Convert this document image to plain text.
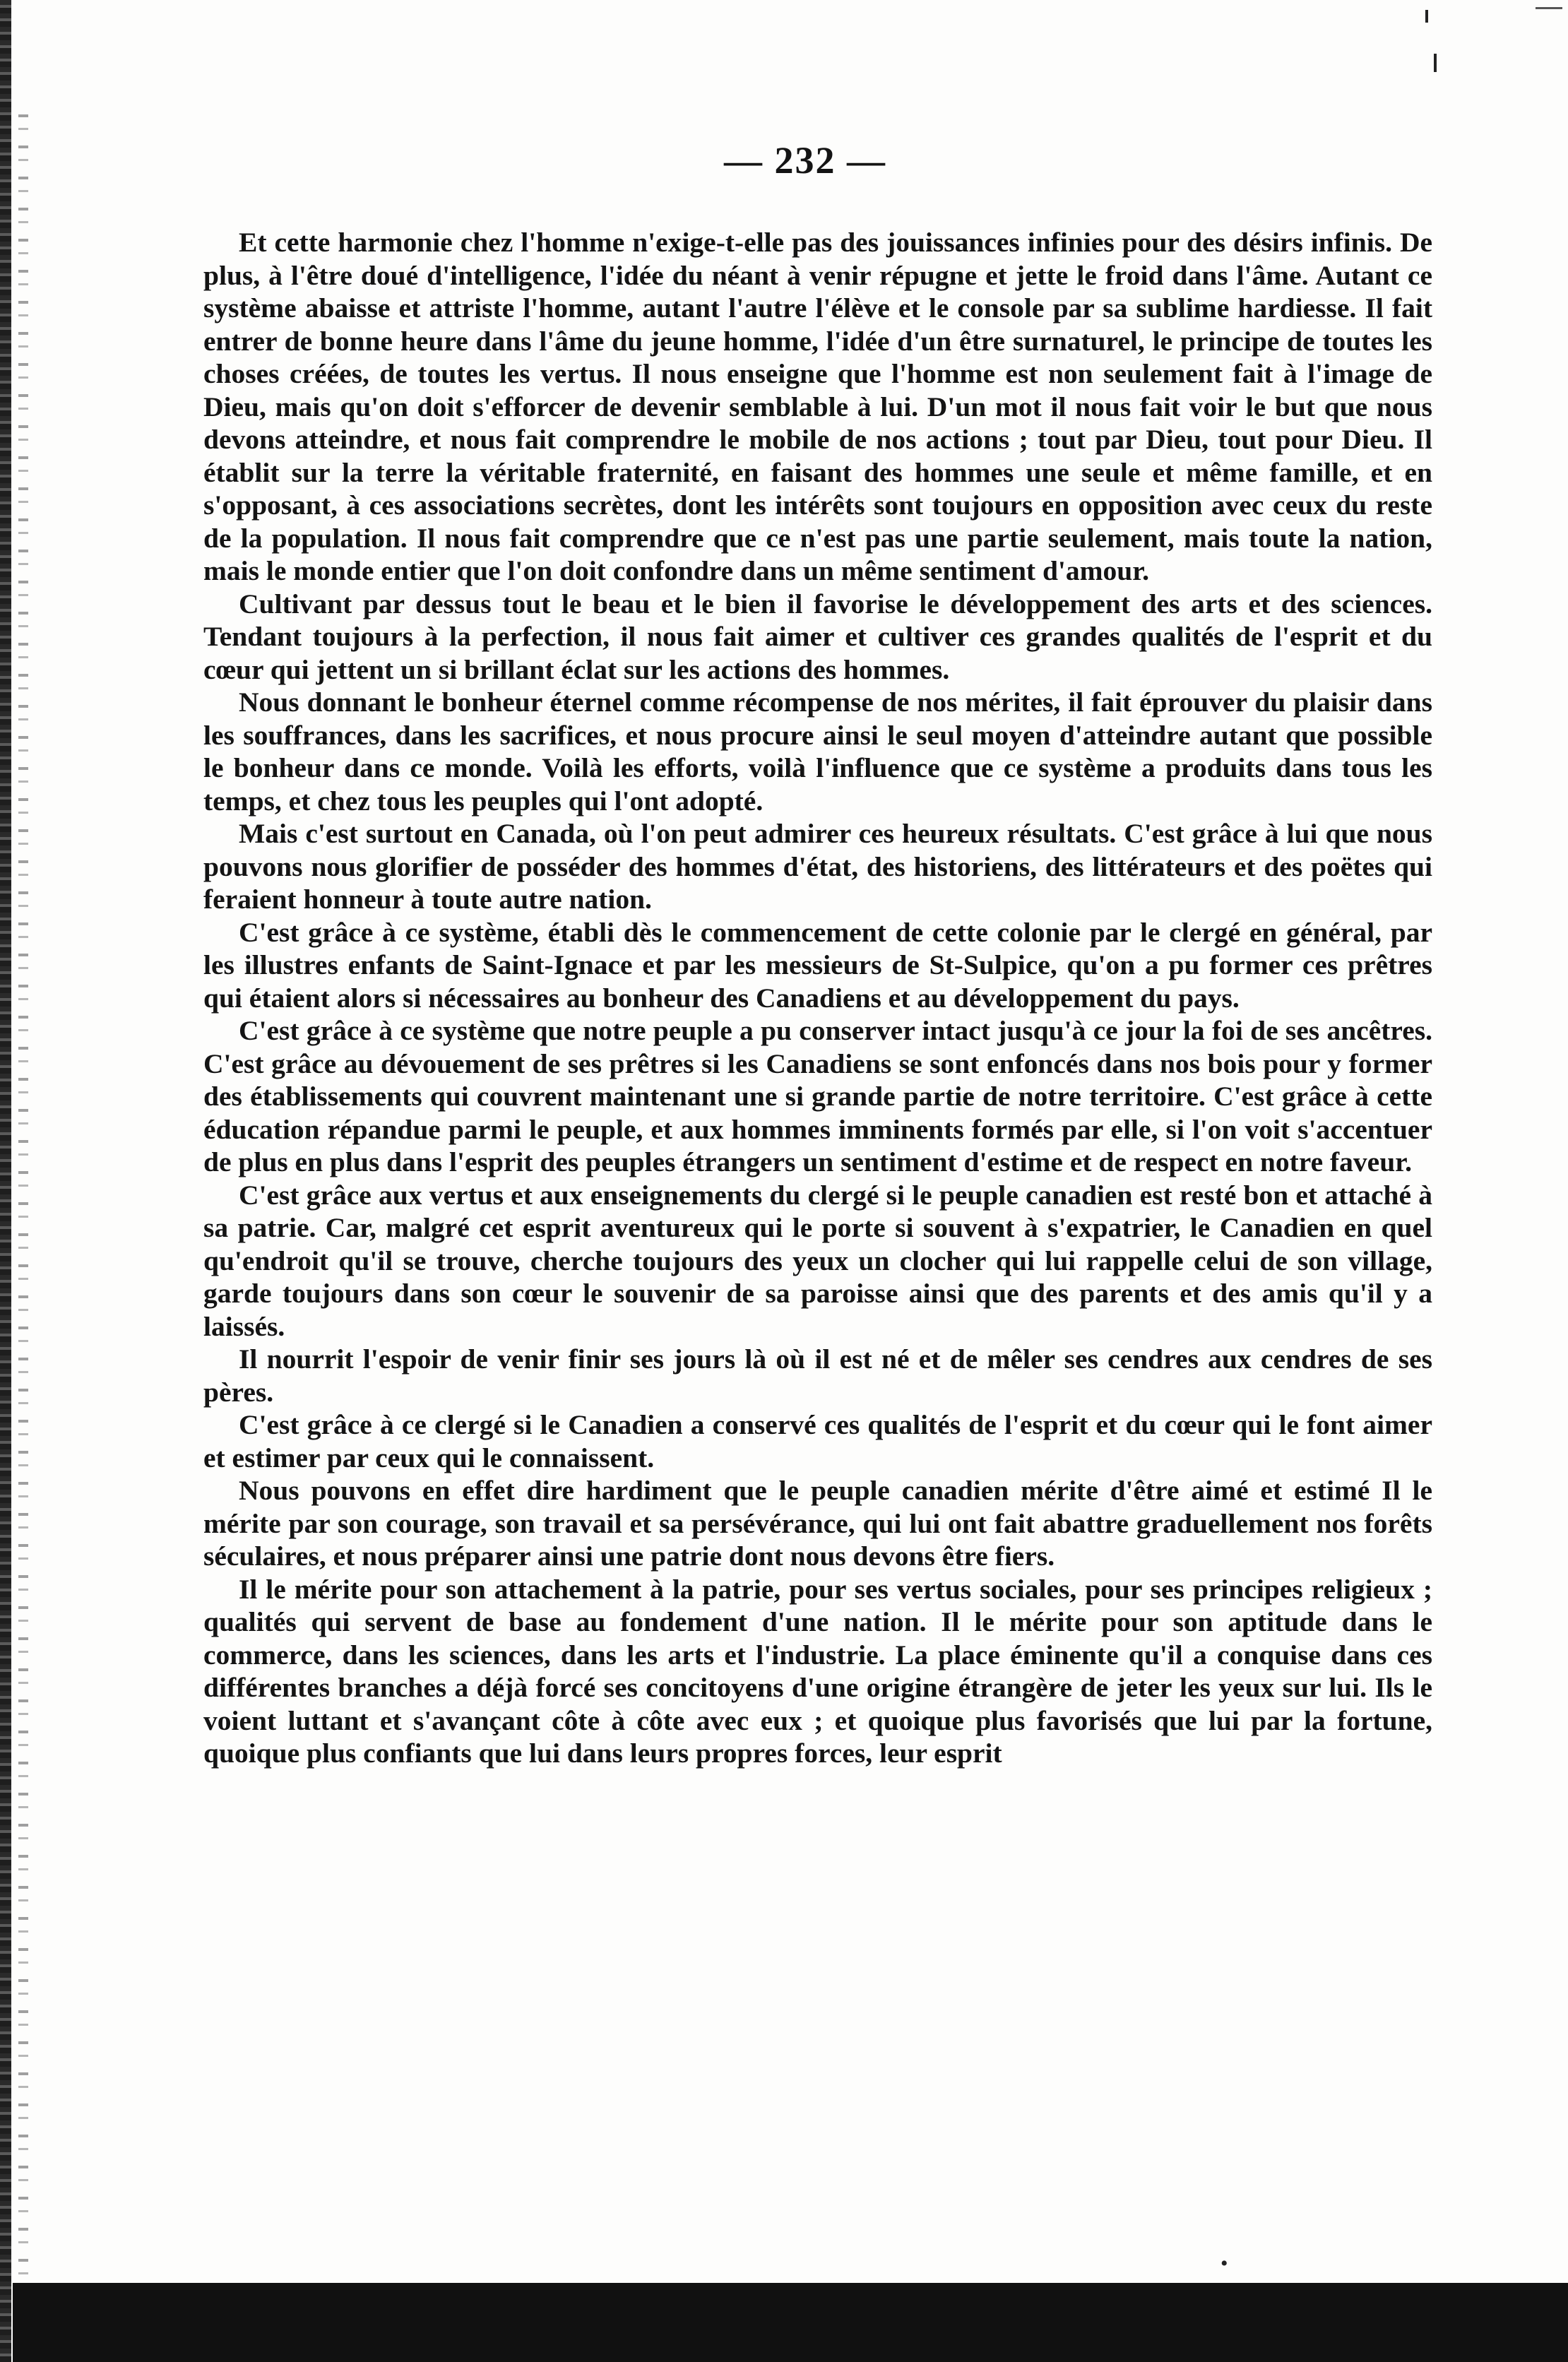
•
— 232 —

Et cette harmonie chez l'homme n'exige-t-elle pas des jouissances infinies pour des désirs infinis. De plus, à l'être doué d'intelligence, l'idée du néant à venir répugne et jette le froid dans l'âme. Autant ce système abaisse et attriste l'homme, autant l'autre l'élève et le console par sa sublime hardiesse. Il fait entrer de bonne heure dans l'âme du jeune homme, l'idée d'un être surnaturel, le principe de toutes les choses créées, de toutes les vertus. Il nous enseigne que l'homme est non seulement fait à l'image de Dieu, mais qu'on doit s'efforcer de devenir semblable à lui. D'un mot il nous fait voir le but que nous devons atteindre, et nous fait comprendre le mobile de nos actions ; tout par Dieu, tout pour Dieu. Il établit sur la terre la véritable fraternité, en faisant des hommes une seule et même famille, et en s'opposant, à ces associations secrètes, dont les intérêts sont toujours en opposition avec ceux du reste de la population. Il nous fait comprendre que ce n'est pas une partie seulement, mais toute la nation, mais le monde entier que l'on doit confondre dans un même sentiment d'amour.

Cultivant par dessus tout le beau et le bien il favorise le développement des arts et des sciences. Tendant toujours à la perfection, il nous fait aimer et cultiver ces grandes qualités de l'esprit et du cœur qui jettent un si brillant éclat sur les actions des hommes.

Nous donnant le bonheur éternel comme récompense de nos mérites, il fait éprouver du plaisir dans les souffrances, dans les sacrifices, et nous procure ainsi le seul moyen d'atteindre autant que possible le bonheur dans ce monde. Voilà les efforts, voilà l'influence que ce système a produits dans tous les temps, et chez tous les peuples qui l'ont adopté.

Mais c'est surtout en Canada, où l'on peut admirer ces heureux résultats. C'est grâce à lui que nous pouvons nous glorifier de posséder des hommes d'état, des historiens, des littérateurs et des poëtes qui feraient honneur à toute autre nation.

C'est grâce à ce système, établi dès le commencement de cette colonie par le clergé en général, par les illustres enfants de Saint-Ignace et par les messieurs de St-Sulpice, qu'on a pu former ces prêtres qui étaient alors si nécessaires au bonheur des Canadiens et au développement du pays.

C'est grâce à ce système que notre peuple a pu conserver intact jusqu'à ce jour la foi de ses ancêtres. C'est grâce au dévouement de ses prêtres si les Canadiens se sont enfoncés dans nos bois pour y former des établissements qui couvrent maintenant une si grande partie de notre territoire. C'est grâce à cette éducation répandue parmi le peuple, et aux hommes imminents formés par elle, si l'on voit s'accentuer de plus en plus dans l'esprit des peuples étrangers un sentiment d'estime et de respect en notre faveur.

C'est grâce aux vertus et aux enseignements du clergé si le peuple canadien est resté bon et attaché à sa patrie. Car, malgré cet esprit aventureux qui le porte si souvent à s'expatrier, le Canadien en quel qu'endroit qu'il se trouve, cherche toujours des yeux un clocher qui lui rappelle celui de son village, garde toujours dans son cœur le souvenir de sa paroisse ainsi que des parents et des amis qu'il y a laissés.

Il nourrit l'espoir de venir finir ses jours là où il est né et de mêler ses cendres aux cendres de ses pères.

C'est grâce à ce clergé si le Canadien a conservé ces qualités de l'esprit et du cœur qui le font aimer et estimer par ceux qui le connaissent.

Nous pouvons en effet dire hardiment que le peuple canadien mérite d'être aimé et estimé Il le mérite par son courage, son travail et sa persévérance, qui lui ont fait abattre graduellement nos forêts séculaires, et nous préparer ainsi une patrie dont nous devons être fiers.

Il le mérite pour son attachement à la patrie, pour ses vertus sociales, pour ses principes religieux ; qualités qui servent de base au fondement d'une nation. Il le mérite pour son aptitude dans le commerce, dans les sciences, dans les arts et l'industrie. La place éminente qu'il a conquise dans ces différentes branches a déjà forcé ses concitoyens d'une origine étrangère de jeter les yeux sur lui. Ils le voient luttant et s'avançant côte à côte avec eux ; et quoique plus favorisés que lui par la fortune, quoique plus confiants que lui dans leurs propres forces, leur esprit
